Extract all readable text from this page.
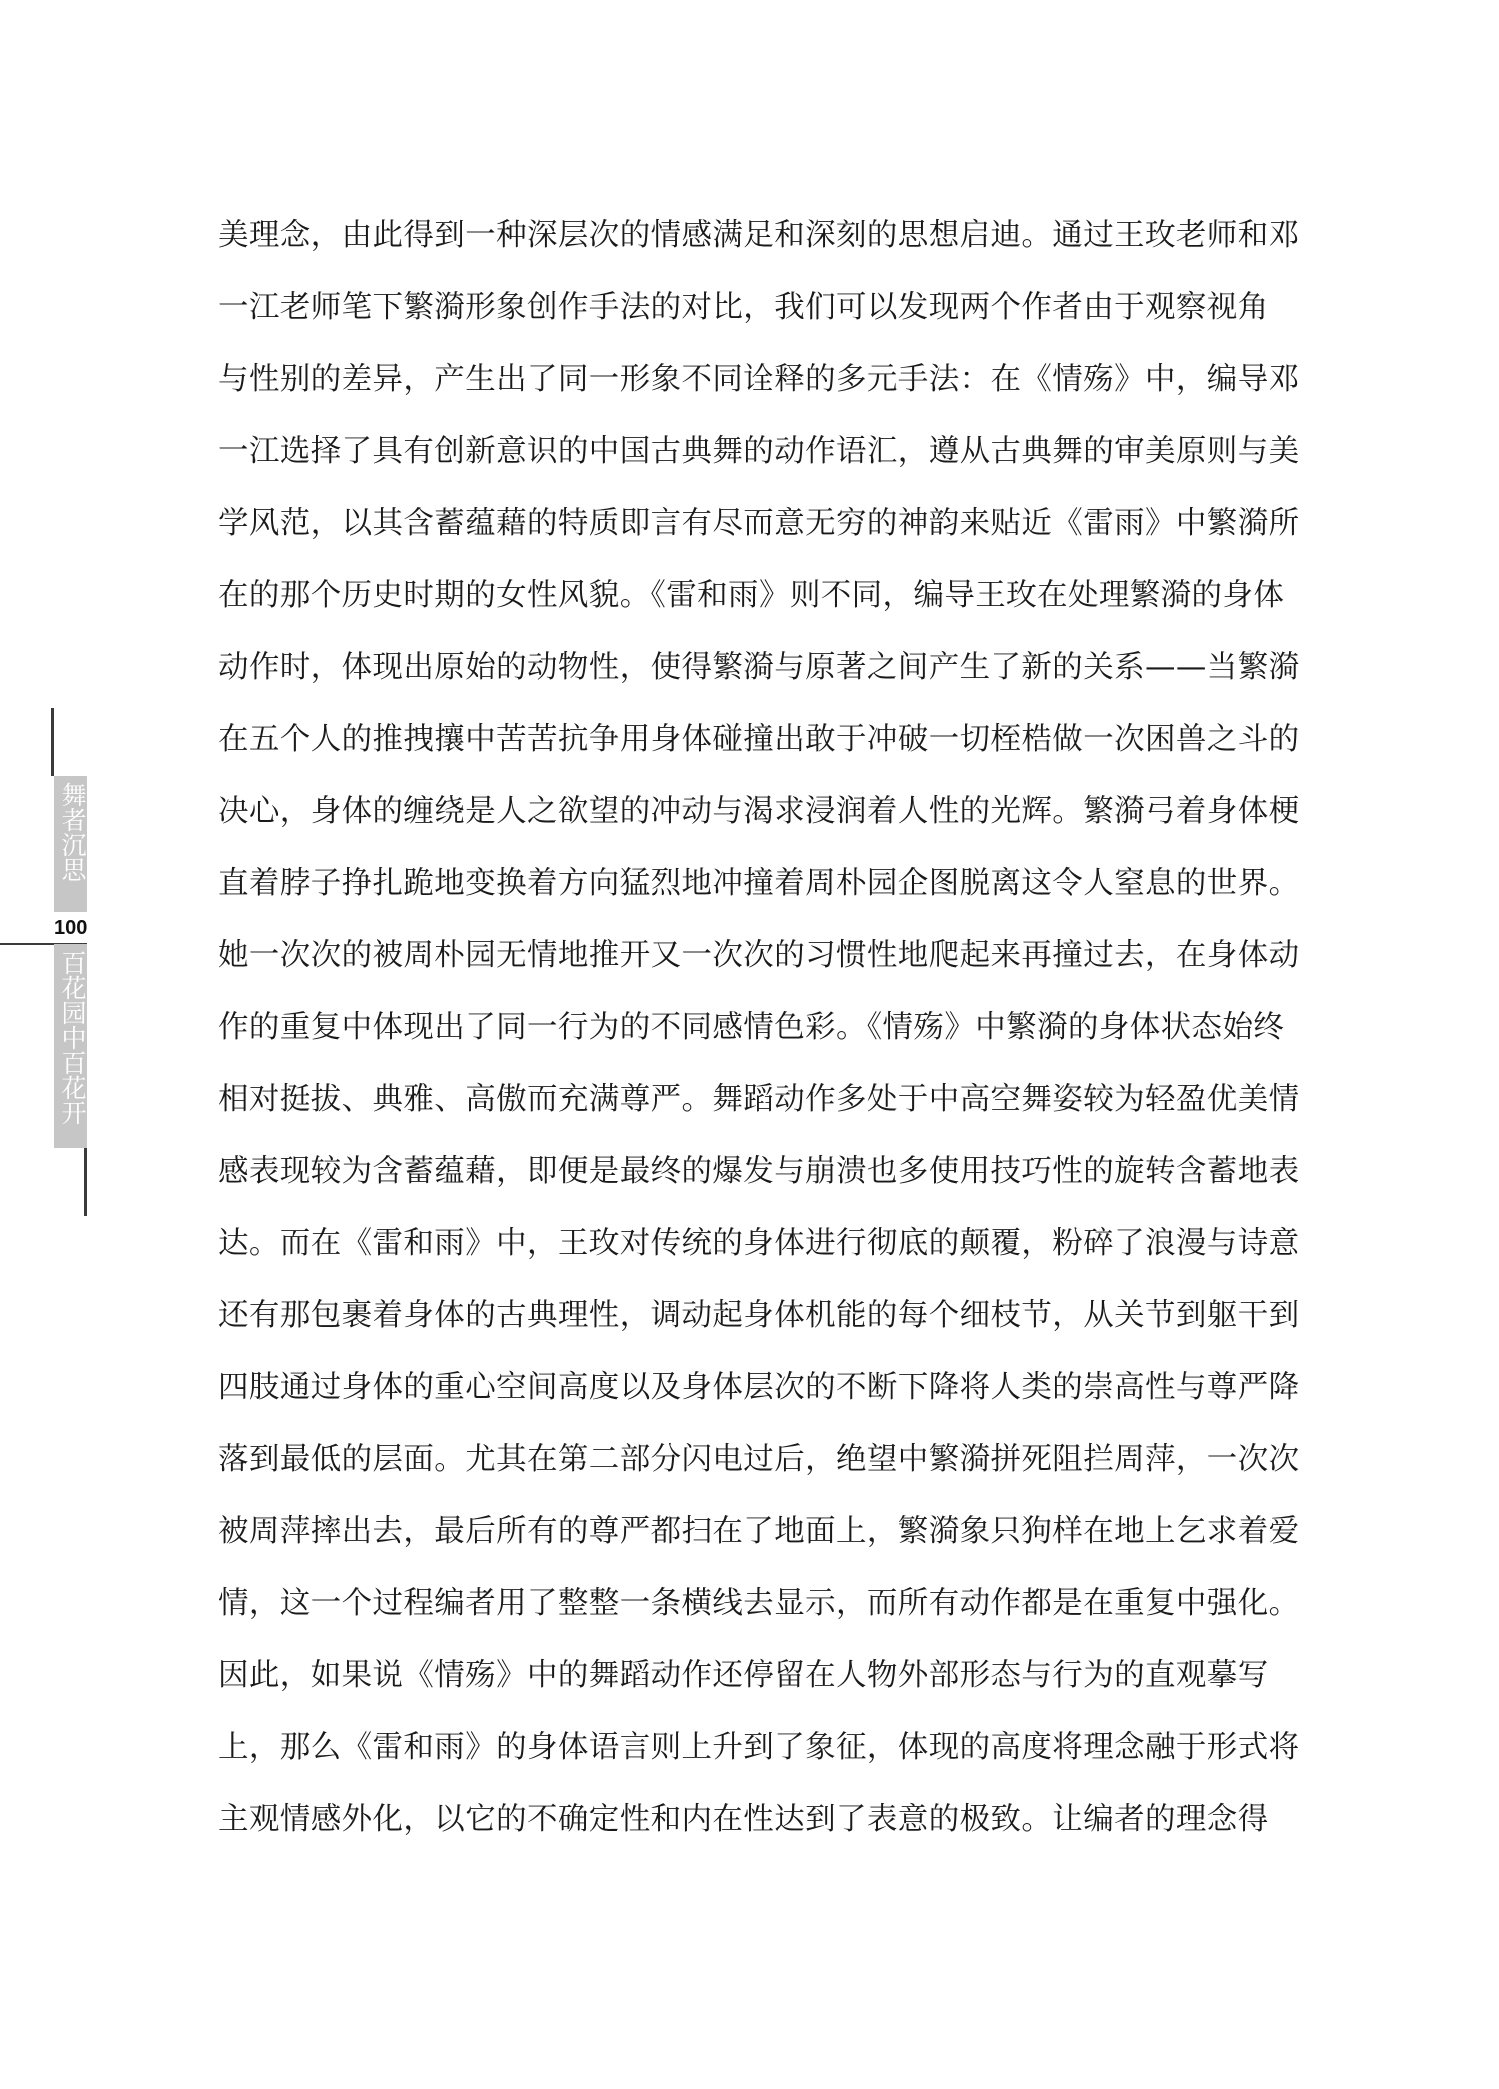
舞者沉思
100
百花园中百花开
美理念，由此得到一种深层次的情感满足和深刻的思想启迪。通过王玫老师和邓
一江老师笔下繁漪形象创作手法的对比，我们可以发现两个作者由于观察视角
与性别的差异，产生出了同一形象不同诠释的多元手法：在《情殇》中，编导邓
一江选择了具有创新意识的中国古典舞的动作语汇，遵从古典舞的审美原则与美
学风范，以其含蓄蕴藉的特质即言有尽而意无穷的神韵来贴近《雷雨》中繁漪所
在的那个历史时期的女性风貌。《雷和雨》则不同，编导王玫在处理繁漪的身体
动作时，体现出原始的动物性，使得繁漪与原著之间产生了新的关系——当繁漪
在五个人的推拽攘中苦苦抗争用身体碰撞出敢于冲破一切桎梏做一次困兽之斗的
决心，身体的缠绕是人之欲望的冲动与渴求浸润着人性的光辉。繁漪弓着身体梗
直着脖子挣扎跪地变换着方向猛烈地冲撞着周朴园企图脱离这令人窒息的世界。
她一次次的被周朴园无情地推开又一次次的习惯性地爬起来再撞过去，在身体动
作的重复中体现出了同一行为的不同感情色彩。《情殇》中繁漪的身体状态始终
相对挺拔、典雅、高傲而充满尊严。舞蹈动作多处于中高空舞姿较为轻盈优美情
感表现较为含蓄蕴藉，即便是最终的爆发与崩溃也多使用技巧性的旋转含蓄地表
达。而在《雷和雨》中，王玫对传统的身体进行彻底的颠覆，粉碎了浪漫与诗意
还有那包裹着身体的古典理性，调动起身体机能的每个细枝节，从关节到躯干到
四肢通过身体的重心空间高度以及身体层次的不断下降将人类的崇高性与尊严降
落到最低的层面。尤其在第二部分闪电过后，绝望中繁漪拼死阻拦周萍，一次次
被周萍摔出去，最后所有的尊严都扫在了地面上，繁漪象只狗样在地上乞求着爱
情，这一个过程编者用了整整一条横线去显示，而所有动作都是在重复中强化。
因此，如果说《情殇》中的舞蹈动作还停留在人物外部形态与行为的直观摹写
上，那么《雷和雨》的身体语言则上升到了象征，体现的高度将理念融于形式将
主观情感外化，以它的不确定性和内在性达到了表意的极致。让编者的理念得
